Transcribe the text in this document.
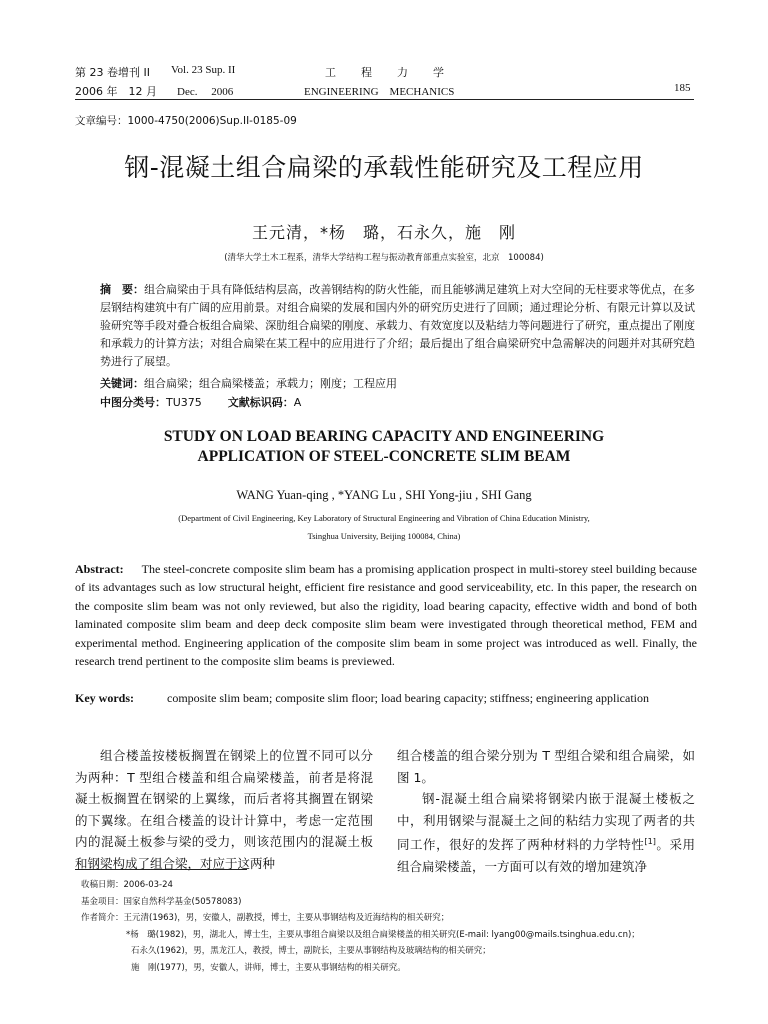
第 23 卷增刊 II Vol. 23 Sup. II	工　　程　　力　　学
2006 年　12 月 Dec.　 2006	ENGINEERING　MECHANICS	185
文章编号：1000-4750(2006)Sup.II-0185-09
钢-混凝土组合扁梁的承载性能研究及工程应用
王元清，*杨　璐，石永久，施　刚
(清华大学土木工程系，清华大学结构工程与振动教育部重点实验室，北京　100084)
摘　要：组合扁梁由于具有降低结构层高，改善钢结构的防火性能，而且能够满足建筑上对大空间的无柱要求等优点，在多层钢结构建筑中有广阔的应用前景。对组合扁梁的发展和国内外的研究历史进行了回顾；通过理论分析、有限元计算以及试验研究等手段对叠合板组合扁梁、深肋组合扁梁的刚度、承载力、有效宽度以及粘结力等问题进行了研究，重点提出了刚度和承载力的计算方法；对组合扁梁在某工程中的应用进行了介绍；最后提出了组合扁梁研究中急需解决的问题并对其研究趋势进行了展望。
关键词：组合扁梁；组合扁梁楼盖；承载力；刚度；工程应用
中图分类号：TU375 文献标识码：A
STUDY ON LOAD BEARING CAPACITY AND ENGINEERING
APPLICATION OF STEEL-CONCRETE SLIM BEAM
WANG Yuan-qing , *YANG Lu , SHI Yong-jiu , SHI Gang
(Department of Civil Engineering, Key Laboratory of Structural Engineering and Vibration of China Education Ministry,
Tsinghua University, Beijing 100084, China)
Abstract: The steel-concrete composite slim beam has a promising application prospect in multi-storey steel building because of its advantages such as low structural height, efficient fire resistance and good serviceability, etc. In this paper, the research on the composite slim beam was not only reviewed, but also the rigidity, load bearing capacity, effective width and bond of both laminated composite slim beam and deep deck composite slim beam were investigated through theoretical method, FEM and experimental method. Engineering application of the composite slim beam in some project was introduced as well. Finally, the research trend pertinent to the composite slim beams is previewed.
Key words:	composite slim beam; composite slim floor; load bearing capacity; stiffness; engineering application

组合楼盖按楼板搁置在钢梁上的位置不同可以分为两种：T 型组合楼盖和组合扁梁楼盖，前者是将混凝土板搁置在钢梁的上翼缘，而后者将其搁置在钢梁的下翼缘。在组合楼盖的设计计算中，考虑一定范围内的混凝土板参与梁的受力，则该范围内的混凝土板和钢梁构成了组合梁，对应于这两种

组合楼盖的组合梁分别为 T 型组合梁和组合扁梁，如图 1。

钢-混凝土组合扁梁将钢梁内嵌于混凝土楼板之中，利用钢梁与混凝土之间的粘结力实现了两者的共同工作，很好的发挥了两种材料的力学特性[1]。采用组合扁梁楼盖，一方面可以有效的增加建筑净

收稿日期：2006-03-24
基金项目：国家自然科学基金(50578083)
作者简介：王元清(1963)，男，安徽人，副教授，博士，主要从事钢结构及近海结构的相关研究；
*杨　璐(1982)，男，湖北人，博士生，主要从事组合扁梁以及组合扁梁楼盖的相关研究(E-mail: lyang00@mails.tsinghua.edu.cn)；
石永久(1962)，男，黑龙江人，教授，博士，副院长，主要从事钢结构及玻璃结构的相关研究；
施　刚(1977)，男，安徽人，讲师，博士，主要从事钢结构的相关研究。
